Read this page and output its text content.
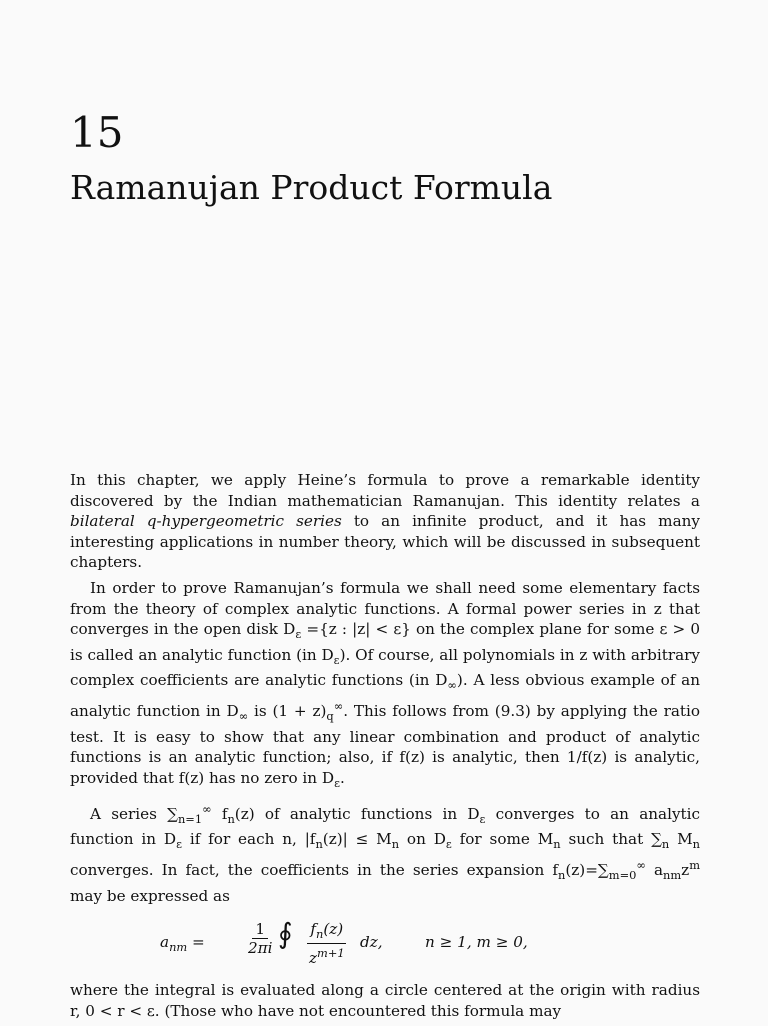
15
Ramanujan Product Formula

In this chapter, we apply Heine’s formula to prove a remarkable identity discovered by the Indian mathematician Ramanujan. This identity relates a bilateral q-hypergeometric series to an infinite product, and it has many interesting applications in number theory, which will be discussed in subsequent chapters.

In order to prove Ramanujan’s formula we shall need some elementary facts from the theory of complex analytic functions. A formal power series in z that converges in the open disk $D_\varepsilon =\{z$ : |z| < ε} on the complex plane for some ε > 0 is called an analytic function (in $D_\varepsilon$). Of course, all polynomials in z with arbitrary complex coefficients are analytic functions (in $D_\infty$). A less obvious example of an analytic function in $D_\infty$ is $(1 + z)_q^\infty$. This follows from (9.3) by applying the ratio test. It is easy to show that any linear combination and product of analytic functions is an analytic function; also, if f(z) is analytic, then 1/f(z) is analytic, provided that f(z) has no zero in $D_\varepsilon$.

A series $\sum_{n=1}^\infty$ $f_n(z)$ of analytic functions in $D_\varepsilon$ converges to an analytic function in $D_\varepsilon$ if for each n, $|f_n(z)| \le M_n$ on $D_\varepsilon$ for some $M_n$ such that $\sum_n$ $M_n$ converges. In fact, the coefficients in the series expansion $f_n(z)=\sum_{m=0}^\infty$ $a_{nm}z^m$ may be expressed as

$a_{nm}$ =	$\frac{1}{2\pi i}$ ∮ $\frac{f_n(z)}{z^{m+1}}$ dz,	n ≥ 1, m ≥ 0,

where the integral is evaluated along a circle centered at the origin with radius r, 0 < r < ε. (Those who have not encountered this formula may
